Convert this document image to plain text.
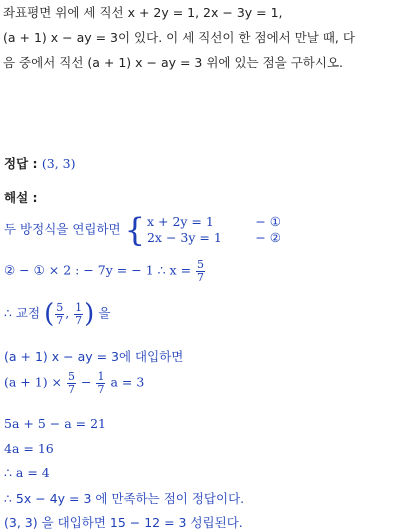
좌표평면 위에 세 직선 x + 2y = 1, 2x − 3y = 1,
(a + 1) x − ay = 3이 있다. 이 세 직선이 한 점에서 만날 때, 다
음 중에서 직선 (a + 1) x − ay = 3 위에 있는 점을 구하시오.
정답 : (3, 3)
해설 :
두 방정식을 연립하면 { x + 2y = 1	− ①
2x − 3y = 1	− ②
② − ① × 2 : − 7y = − 1 ∴ $x = \frac{5}{7}$
∴ 교점 ( $\frac{5}{7}$ , $\frac{1}{7}$ ) 을
(a + 1) x − ay = 3에 대입하면
$(a + 1) \times \frac{5}{7} - \frac{1}{7}$ a = 3
5a + 5 − a = 21
4a = 16
∴ a = 4
∴ 5x − 4y = 3 에 만족하는 점이 정답이다.
(3, 3) 을 대입하면 15 − 12 = 3 성립된다.
